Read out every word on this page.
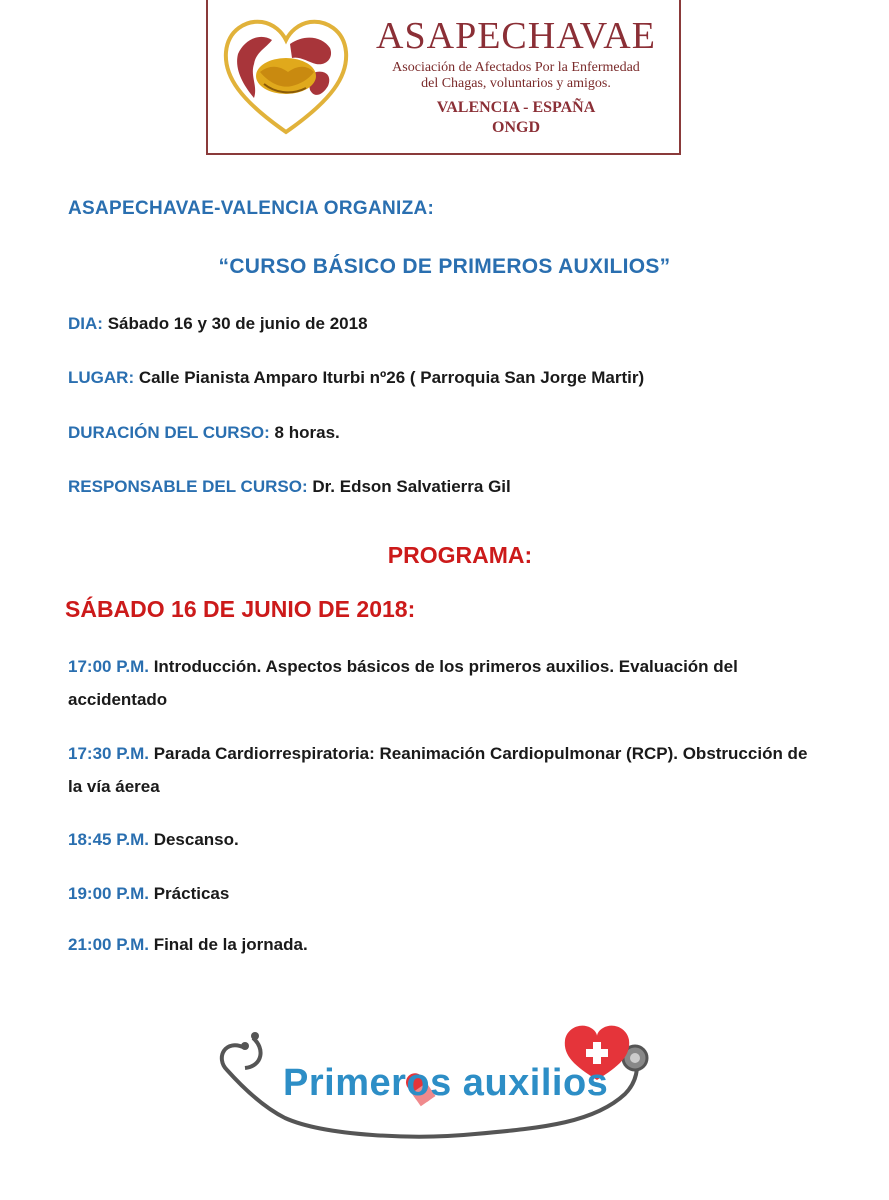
ASAPECHAVAE
Asociación de Afectados Por la Enfermedad
del Chagas, voluntarios y amigos.
VALENCIA - ESPAÑA
ONGD
ASAPECHAVAE-VALENCIA ORGANIZA:
“CURSO BÁSICO DE PRIMEROS AUXILIOS”
DIA: Sábado 16 y 30 de junio de 2018
LUGAR: Calle Pianista Amparo Iturbi nº26 ( Parroquia San Jorge Martir)
DURACIÓN DEL CURSO: 8 horas.
RESPONSABLE DEL CURSO: Dr. Edson Salvatierra Gil
PROGRAMA:
SÁBADO 16 DE JUNIO DE 2018:
17:00 P.M. Introducción. Aspectos básicos de los primeros auxilios. Evaluación del accidentado
17:30 P.M. Parada Cardiorrespiratoria: Reanimación Cardiopulmonar (RCP). Obstrucción de la vía áerea
18:45 P.M. Descanso.
19:00 P.M. Prácticas
21:00 P.M. Final de la jornada.
Primeros auxilios
